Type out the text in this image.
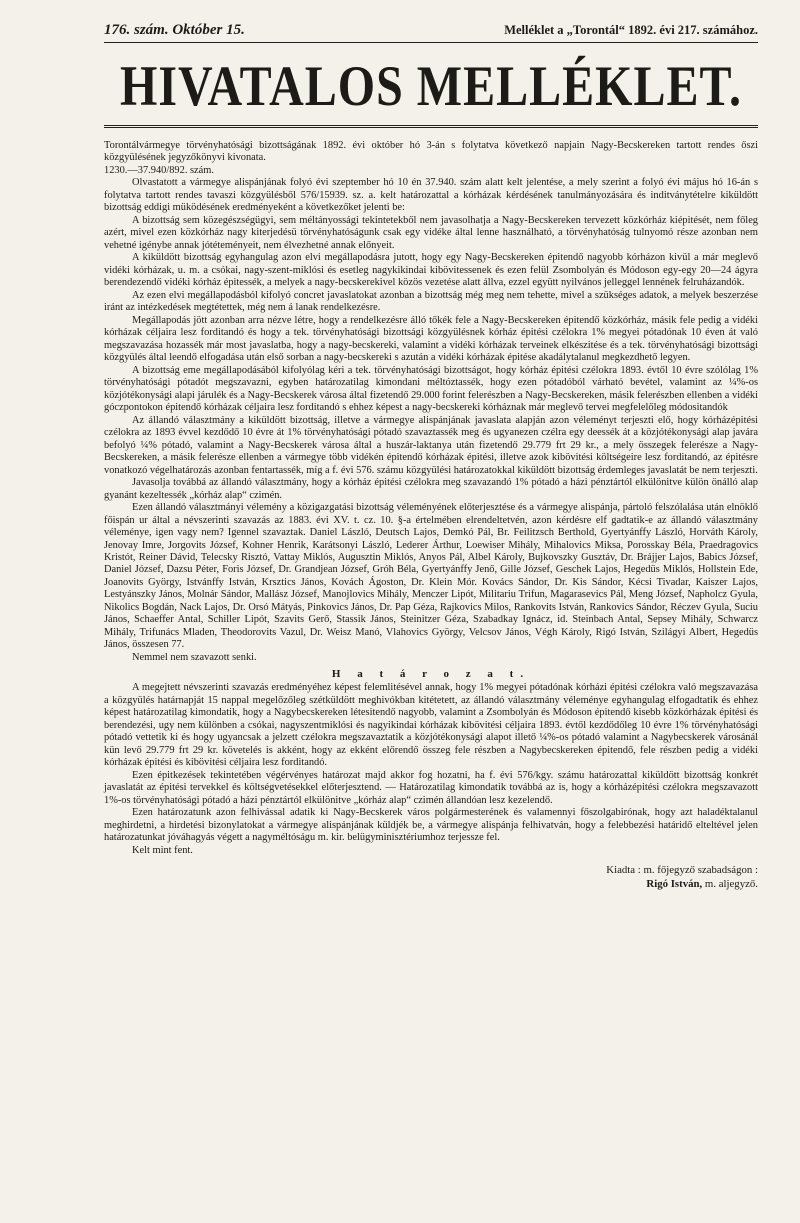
176. szám. Október 15.	Melléklet a „Torontál“ 1892. évi 217. számához.
HIVATALOS MELLÉKLET.

Torontálvármegye törvényhatósági bizottságának 1892. évi október hó 3-án s folytatva következő napjain Nagy-Becskereken tartott rendes őszi közgyülésének jegyzőkönyvi kivonata.

1230.—37.940/892. szám.

Olvastatott a vármegye alispánjának folyó évi szeptember hó 10 én 37.940. szám alatt kelt jelentése, a mely szerint a folyó évi május hó 16-án s folytatva tartott rendes tavaszi közgyülésből 576/15939. sz. a. kelt határozattal a kórházak kérdésének tanulmányozására és inditványtételre kiküldött bizottság eddigi müködésének eredményeként a következőket jelenti be:

A bizottság sem közegészségügyi, sem méltányossági tekintetekből nem javasolhatja a Nagy-Becskereken tervezett közkórház kiépitését, nem főleg azért, mivel ezen közkórház nagy kiterjedésü törvényhatóságunk csak egy vidéke által lenne használható, a törvényhatóság tulnyomó része azonban nem vehetné igénybe annak jótéteményeit, nem élvezhetné annak előnyeit.

A kiküldött bizottság egyhangulag azon elvi megállapodásra jutott, hogy egy Nagy-Becskereken épitendő nagyobb kórházon kivül a már meglevő vidéki kórházak, u. m. a csókai, nagy-szent-miklósi és esetleg nagykikindai kibövitessenek és ezen felül Zsombolyán és Módoson egy-egy 20—24 ágyra berendezendő vidéki kórház épitessék, a melyek a nagy-becskerekivel közös vezetése alatt állva, ezzel együtt nyilvános jelleggel lennének felruházandók.

Az ezen elvi megállapodásból kifolyó concret javaslatokat azonban a bizottság még meg nem tehette, mivel a szükséges adatok, a melyek beszerzése iránt az intézkedések megtétettek, még nem á lanak rendelkezésre.

Megállapodás jött azonban arra nézve létre, hogy a rendelkezésre álló tőkék fele a Nagy-Becskereken épitendő közkórház, másik fele pedig a vidéki kórházak céljaira lesz forditandó és hogy a tek. törvényhatósági bizottsági közgyülésnek kórház épitési czélokra 1% megyei pótadónak 10 éven át való megszavazása hozassék már most javaslatba, hogy a nagy-becskereki, valamint a vidéki kórházak terveinek elkészitése és a tek. törvényhatósági bizottsági közgyülés által leendő elfogadása után első sorban a nagy-becskereki s azután a vidéki kórházak épitése akadálytalanul megkezdhető legyen.

A bizottság eme megállapodásából kifolyólag kéri a tek. törvényhatósági bizottságot, hogy kórház épitési czélokra 1893. évtől 10 évre szólólag 1% törvényhatósági pótadót megszavazni, egyben határozatilag kimondani méltóztassék, hogy ezen pótadóból várható bevétel, valamint az ¼%-os közjótékonysági alapi járulék és a Nagy-Becskerek városa által fizetendő 29.000 forint felerészben a Nagy-Becskereken, másik felerészben ellenben a vidéki góczpontokon épitendő kórházak céljaira lesz forditandó s ehhez képest a nagy-becskereki kórháznak már meglevő tervei megfelelőleg módositandók

Az állandó választmány a kiküldött bizottság, illetve a vármegye alispánjának javaslata alapján azon véleményt terjeszti elő, hogy kórházépitési czélokra az 1893 évvel kezdődő 10 évre át 1% törvényhatósági pótadó szavaztassék meg és ugyanezen czélra egy deessék át a közjótékonysági alap javára befolyó ¼% pótadó, valamint a Nagy-Becskerek városa által a huszár-laktanya után fizetendő 29.779 frt 29 kr., a mely összegek felerésze a Nagy-Becskereken, a másik felerésze ellenben a vármegye több vidékén épitendő kórházak épitési, illetve azok kibövitési költségeire lesz forditandó, az épitésre vonatkozó végelhatározás azonban fentartassék, míg a f. évi 576. számu közgyülési határozatokkal kiküldött bizottság érdemleges javaslatát be nem terjeszti.

Javasolja továbbá az állandó választmány, hogy a kórház épitési czélokra meg szavazandó 1% pótadó a házi pénztártól elkülönitve külön önálló alap gyanánt kezeltessék „kórház alap“ czimén.

Ezen állandó választmányi vélemény a közigazgatási bizottság véleményének előterjesztése és a vármegye alispánja, pártoló felszólalása után elnöklő főispán ur által a névszerinti szavazás az 1883. évi XV. t. cz. 10. §-a értelmében elrendeltetvén, azon kérdésre elf gadtatik-e az állandó választmány véleménye, igen vagy nem? Igennel szavaztak. Daniel László, Deutsch Lajos, Demkó Pál, Br. Feilitzsch Berthold, Gyertyánffy László, Horváth Károly, Jenovay Imre, Jorgovits József, Kohner Henrik, Karátsonyi László, Lederer Árthur, Loewiser Mihály, Mihalovics Miksa, Porosskay Béla, Praedragovics Kristót, Reiner Dávid, Telecsky Risztó, Vattay Miklós, Augusztin Miklós, Anyos Pál, Albel Károly, Bujkovszky Gusztáv, Dr. Brájjer Lajos, Babics József, Daniel József, Dazsu Péter, Foris József, Dr. Grandjean József, Gróh Béla, Gyertyánffy Jenő, Gille József, Geschek Lajos, Hegedüs Miklós, Hollstein Ede, Joanovits György, Istvánffy István, Krsztics János, Kovách Ágoston, Dr. Klein Mór. Kovács Sándor, Dr. Kis Sándor, Kécsi Tivadar, Kaiszer Lajos, Lestyánszky János, Molnár Sándor, Mallász József, Manojlovics Mihály, Menczer Lipót, Militariu Trifun, Magarasevics Pál, Meng József, Napholcz Gyula, Nikolics Bogdán, Nack Lajos, Dr. Orsó Mátyás, Pinkovics János, Dr. Pap Géza, Rajkovics Milos, Rankovits István, Rankovics Sándor, Réczev Gyula, Suciu János, Schaeffer Antal, Schiller Lipót, Szavits Gerő, Stassik János, Steinitzer Géza, Szabadkay Ignácz, id. Steinbach Antal, Sepsey Mihály, Schwarcz Mihály, Trifunács Mladen, Theodorovits Vazul, Dr. Weisz Manó, Vlahovics György, Velcsov János, Végh Károly, Rigó István, Szilágyi Albert, Hegedüs János, összesen 77.

Nemmel nem szavazott senki.

H a t á r o z a t.

A megejtett névszerinti szavazás eredményéhez képest felemlitésével annak, hogy 1% megyei pótadónak kórházi épitési czélokra való megszavazása a közgyülés határnapját 15 nappal megelőzőleg szétküldött meghivókban kitétetett, az állandó választmány véleménye egyhangulag elfogadtatik és ehhez képest határozatilag kimondatik, hogy a Nagybecskereken létesitendő nagyobb, valamint a Zsombolyán és Módoson épitendő kisebb közkórházak épitési és berendezési, ugy nem különben a csókai, nagyszentmiklósi és nagyikindai kórházak kibövitési céljaira 1893. évtől kezdődőleg 10 évre 1% törvényhatósági pótadó vettetik ki és hogy ugyancsak a jelzett czélokra megszavaztatik a közjótékonysági alapot illető ¼%-os pótadó valamint a Nagybecskerek városánál kün levő 29.779 frt 29 kr. követelés is akként, hogy az ekként előrendő összeg fele részben a Nagybecskereken épitendő, fele részben pedig a vidéki kórházak épitési és kibövitési céljaira lesz forditandó.

Ezen épitkezések tekintetében végérvényes határozat majd akkor fog hozatni, ha f. évi 576/kgy. számu határozattal kiküldött bizottság konkrét javaslatát az épitési tervekkel és költségvetésekkel előterjesztend. — Határozatilag kimondatik továbbá az is, hogy a kórházépitési czélokra megszavazott 1%-os törvényhatósági pótadó a házi pénztártól elkülönitve „kórház alap“ czimén állandóan lesz kezelendő.

Ezen határozatunk azon felhivással adatik ki Nagy-Becskerek város polgármesterének és valamennyi főszolgabirónak, hogy azt haladéktalanul meghirdetni, a hirdetési bizonylatokat a vármegye alispánjának küldjék be, a vármegye alispánja felhivatván, hogy a felebbezési határidő elteltével jelen határozatunkat jóváhagyás végett a nagyméltóságu m. kir. belügyminisztériumhoz terjessze fel.

Kelt mint fent.

Kiadta : m. főjegyző szabadságon :
Rigó István, m. aljegyző.
